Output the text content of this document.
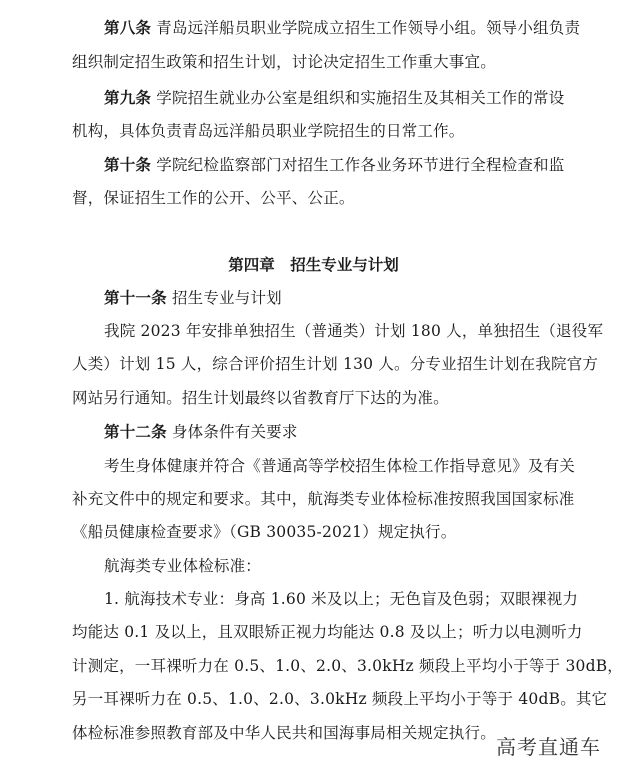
第八条 青岛远洋船员职业学院成立招生工作领导小组。领导小组负责
组织制定招生政策和招生计划，讨论决定招生工作重大事宜。
第九条 学院招生就业办公室是组织和实施招生及其相关工作的常设
机构，具体负责青岛远洋船员职业学院招生的日常工作。
第十条 学院纪检监察部门对招生工作各业务环节进行全程检查和监
督，保证招生工作的公开、公平、公正。
第四章　招生专业与计划
第十一条 招生专业与计划
我院 2023 年安排单独招生（普通类）计划 180 人，单独招生（退役军
人类）计划 15 人，综合评价招生计划 130 人。分专业招生计划在我院官方
网站另行通知。招生计划最终以省教育厅下达的为准。
第十二条 身体条件有关要求
考生身体健康并符合《普通高等学校招生体检工作指导意见》及有关
补充文件中的规定和要求。其中，航海类专业体检标准按照我国国家标准
《船员健康检查要求》（GB 30035-2021）规定执行。
航海类专业体检标准：
1. 航海技术专业：身高 1.60 米及以上；无色盲及色弱；双眼裸视力
均能达 0.1 及以上，且双眼矫正视力均能达 0.8 及以上；听力以电测听力
计测定，一耳裸听力在 0.5、1.0、2.0、3.0kHz 频段上平均小于等于 30dB，
另一耳裸听力在 0.5、1.0、2.0、3.0kHz 频段上平均小于等于 40dB。其它
体检标准参照教育部及中华人民共和国海事局相关规定执行。
高考直通车
